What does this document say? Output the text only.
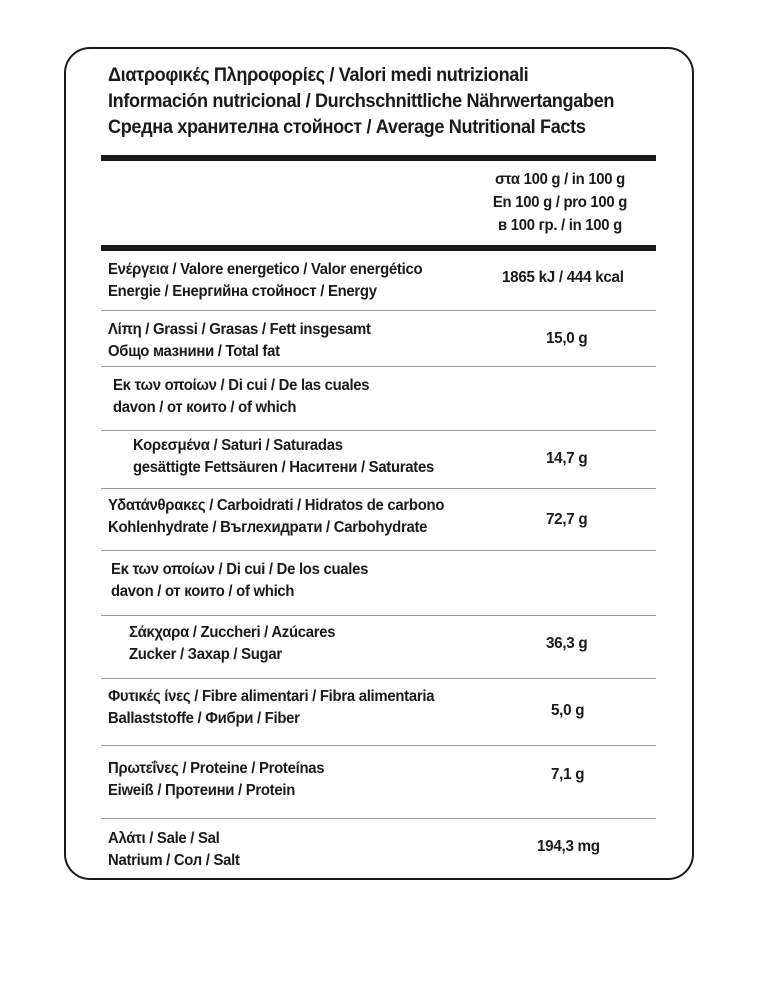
Διατροφικές Πληροφορίες / Valori medi nutrizionali
Información nutricional / Durchschnittliche Nährwertangaben
Средна хранителна стойност / Average Nutritional Facts
στα 100 g / in 100 g
En 100 g / pro 100 g
в 100 гр. / in 100 g
Ενέργεια / Valore energetico / Valor energético
Energie / Енергийна стойност / Energy
1865 kJ / 444 kcal
Λίπη / Grassi / Grasas / Fett insgesamt
Общо мазнини / Total fat
15,0 g
Εκ των οποίων / Di cui / De las cuales
davon / от които / of which
Κορεσμένα / Saturi / Saturadas
gesättigte Fettsäuren / Наситени / Saturates
14,7 g
Υδατάνθρακες / Carboidrati / Hidratos de carbono
Kohlenhydrate / Въглехидрати / Carbohydrate	72,7 g
Εκ των οποίων / Di cui / De los cuales
davon / от които / of which
Σάκχαρα / Zuccheri / Azúcares
Zucker / Захар / Sugar
36,3 g
Φυτικές ίνες / Fibre alimentari / Fibra alimentaria
Ballaststoffe / Фибри / Fiber	5,0 g
Πρωτεΐνες / Proteine / Proteínas
Eiweiß / Протеини / Protein
7,1 g
Αλάτι / Sale / Sal
Natrium / Сол / Salt
194,3 mg
